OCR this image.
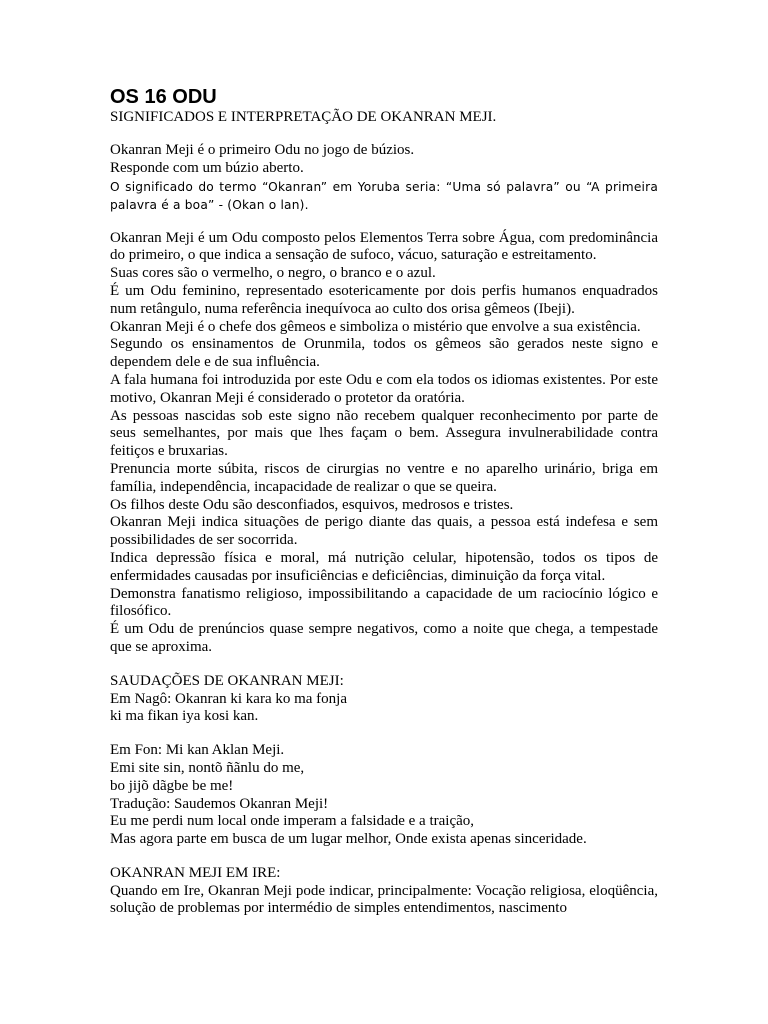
OS 16 ODU

SIGNIFICADOS E INTERPRETAÇÃO DE OKANRAN MEJI.

Okanran Meji é o primeiro Odu no jogo de búzios.

Responde com um búzio aberto.

O significado do termo “Okanran” em Yoruba seria: “Uma só palavra” ou “A primeira palavra é a boa” - (Okan o lan).

Okanran Meji é um Odu composto pelos Elementos Terra sobre Água, com predominância do primeiro, o que indica a sensação de sufoco, vácuo, saturação e estreitamento.

Suas cores são o vermelho, o negro, o branco e o azul.

É um Odu feminino, representado esotericamente por dois perfis humanos enquadrados num retângulo, numa referência inequívoca ao culto dos orisa gêmeos (Ibeji).

Okanran Meji é o chefe dos gêmeos e simboliza o mistério que envolve a sua existência.

Segundo os ensinamentos de Orunmila, todos os gêmeos são gerados neste signo e dependem dele e de sua influência.

A fala humana foi introduzida por este Odu e com ela todos os idiomas existentes. Por este motivo, Okanran Meji é considerado o protetor da oratória.

As pessoas nascidas sob este signo não recebem qualquer reconhecimento por parte de seus semelhantes, por mais que lhes façam o bem. Assegura invulnerabilidade contra feitiços e bruxarias.

Prenuncia morte súbita, riscos de cirurgias no ventre e no aparelho urinário, briga em família, independência, incapacidade de realizar o que se queira.

Os filhos deste Odu são desconfiados, esquivos, medrosos e tristes.

Okanran Meji indica situações de perigo diante das quais, a pessoa está indefesa e sem possibilidades de ser socorrida.

Indica depressão física e moral, má nutrição celular, hipotensão, todos os tipos de enfermidades causadas por insuficiências e deficiências, diminuição da força vital.

Demonstra fanatismo religioso, impossibilitando a capacidade de um raciocínio lógico e filosófico.

É um Odu de prenúncios quase sempre negativos, como a noite que chega, a tempestade que se aproxima.

SAUDAÇÕES DE OKANRAN MEJI:

Em Nagô: Okanran ki kara ko ma fonja

ki ma fikan iya kosi kan.

Em Fon: Mi kan Aklan Meji.

Emi site sin, nontõ ñãnlu do me,

bo jijõ dãgbe be me!

Tradução: Saudemos Okanran Meji!

Eu me perdi num local onde imperam a falsidade e a traição,

Mas agora parte em busca de um lugar melhor, Onde exista apenas sinceridade.

OKANRAN MEJI EM IRE:

Quando em Ire, Okanran Meji pode indicar, principalmente: Vocação religiosa, eloqüência, solução de problemas por intermédio de simples entendimentos, nascimento
